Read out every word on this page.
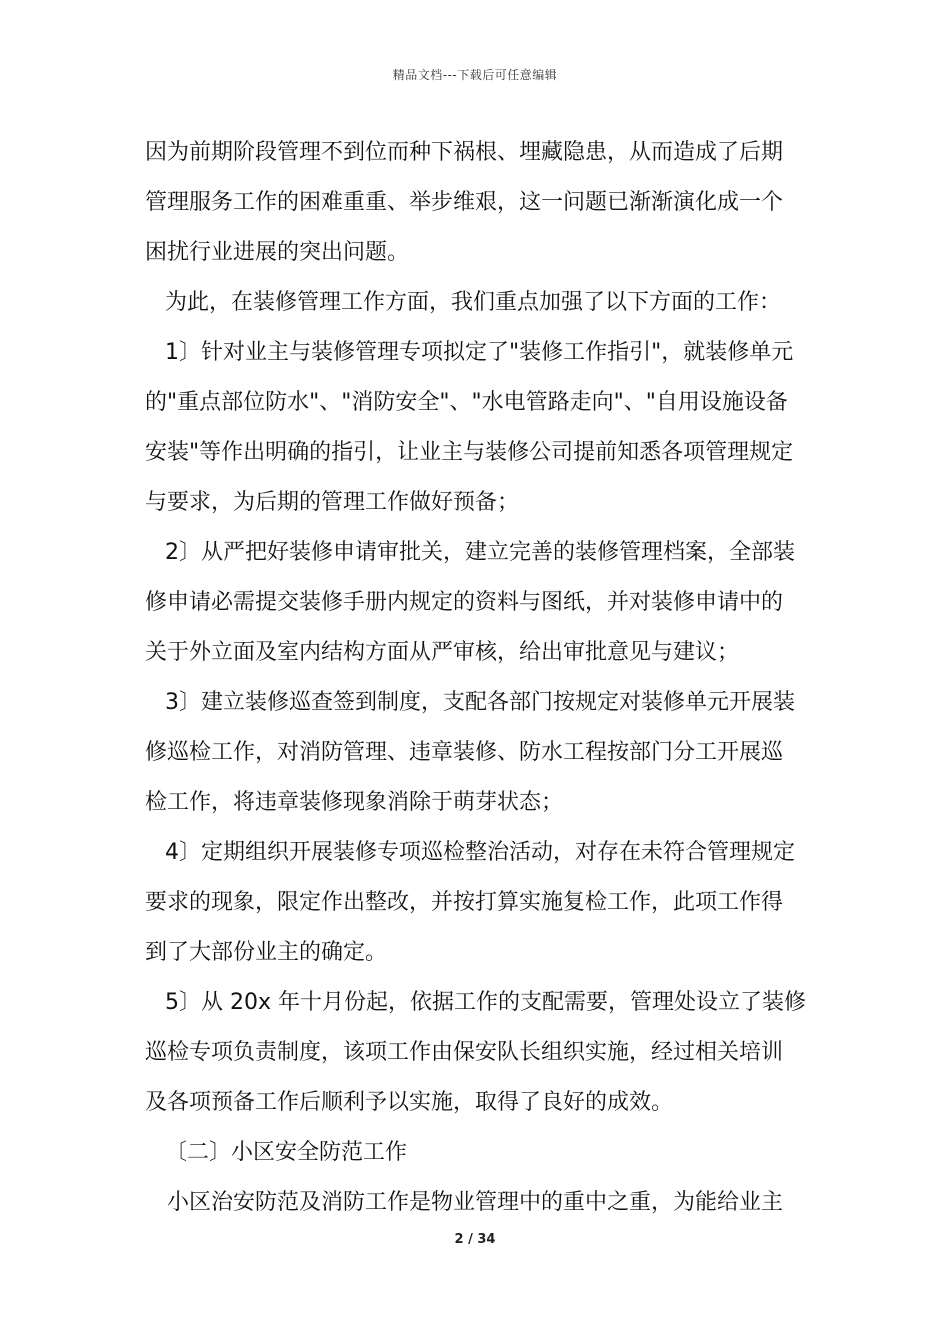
精品文档---下载后可任意编辑

因为前期阶段管理不到位而种下祸根、埋藏隐患，从而造成了后期
管理服务工作的困难重重、举步维艰，这一问题已渐渐演化成一个
困扰行业进展的突出问题。

为此，在装修管理工作方面，我们重点加强了以下方面的工作：

1〕针对业主与装修管理专项拟定了"装修工作指引"，就装修单元
的"重点部位防水"、"消防安全"、"水电管路走向"、"自用设施设备
安装"等作出明确的指引，让业主与装修公司提前知悉各项管理规定
与要求，为后期的管理工作做好预备；

2〕从严把好装修申请审批关，建立完善的装修管理档案，全部装
修申请必需提交装修手册内规定的资料与图纸，并对装修申请中的
关于外立面及室内结构方面从严审核，给出审批意见与建议；

3〕建立装修巡查签到制度，支配各部门按规定对装修单元开展装
修巡检工作，对消防管理、违章装修、防水工程按部门分工开展巡
检工作，将违章装修现象消除于萌芽状态；

4〕定期组织开展装修专项巡检整治活动，对存在未符合管理规定
要求的现象，限定作出整改，并按打算实施复检工作，此项工作得
到了大部份业主的确定。

5〕从 20x 年十月份起，依据工作的支配需要，管理处设立了装修
巡检专项负责制度，该项工作由保安队长组织实施，经过相关培训
及各项预备工作后顺利予以实施，取得了良好的成效。

〔二〕小区安全防范工作

小区治安防范及消防工作是物业管理中的重中之重，为能给业主

2 / 34
